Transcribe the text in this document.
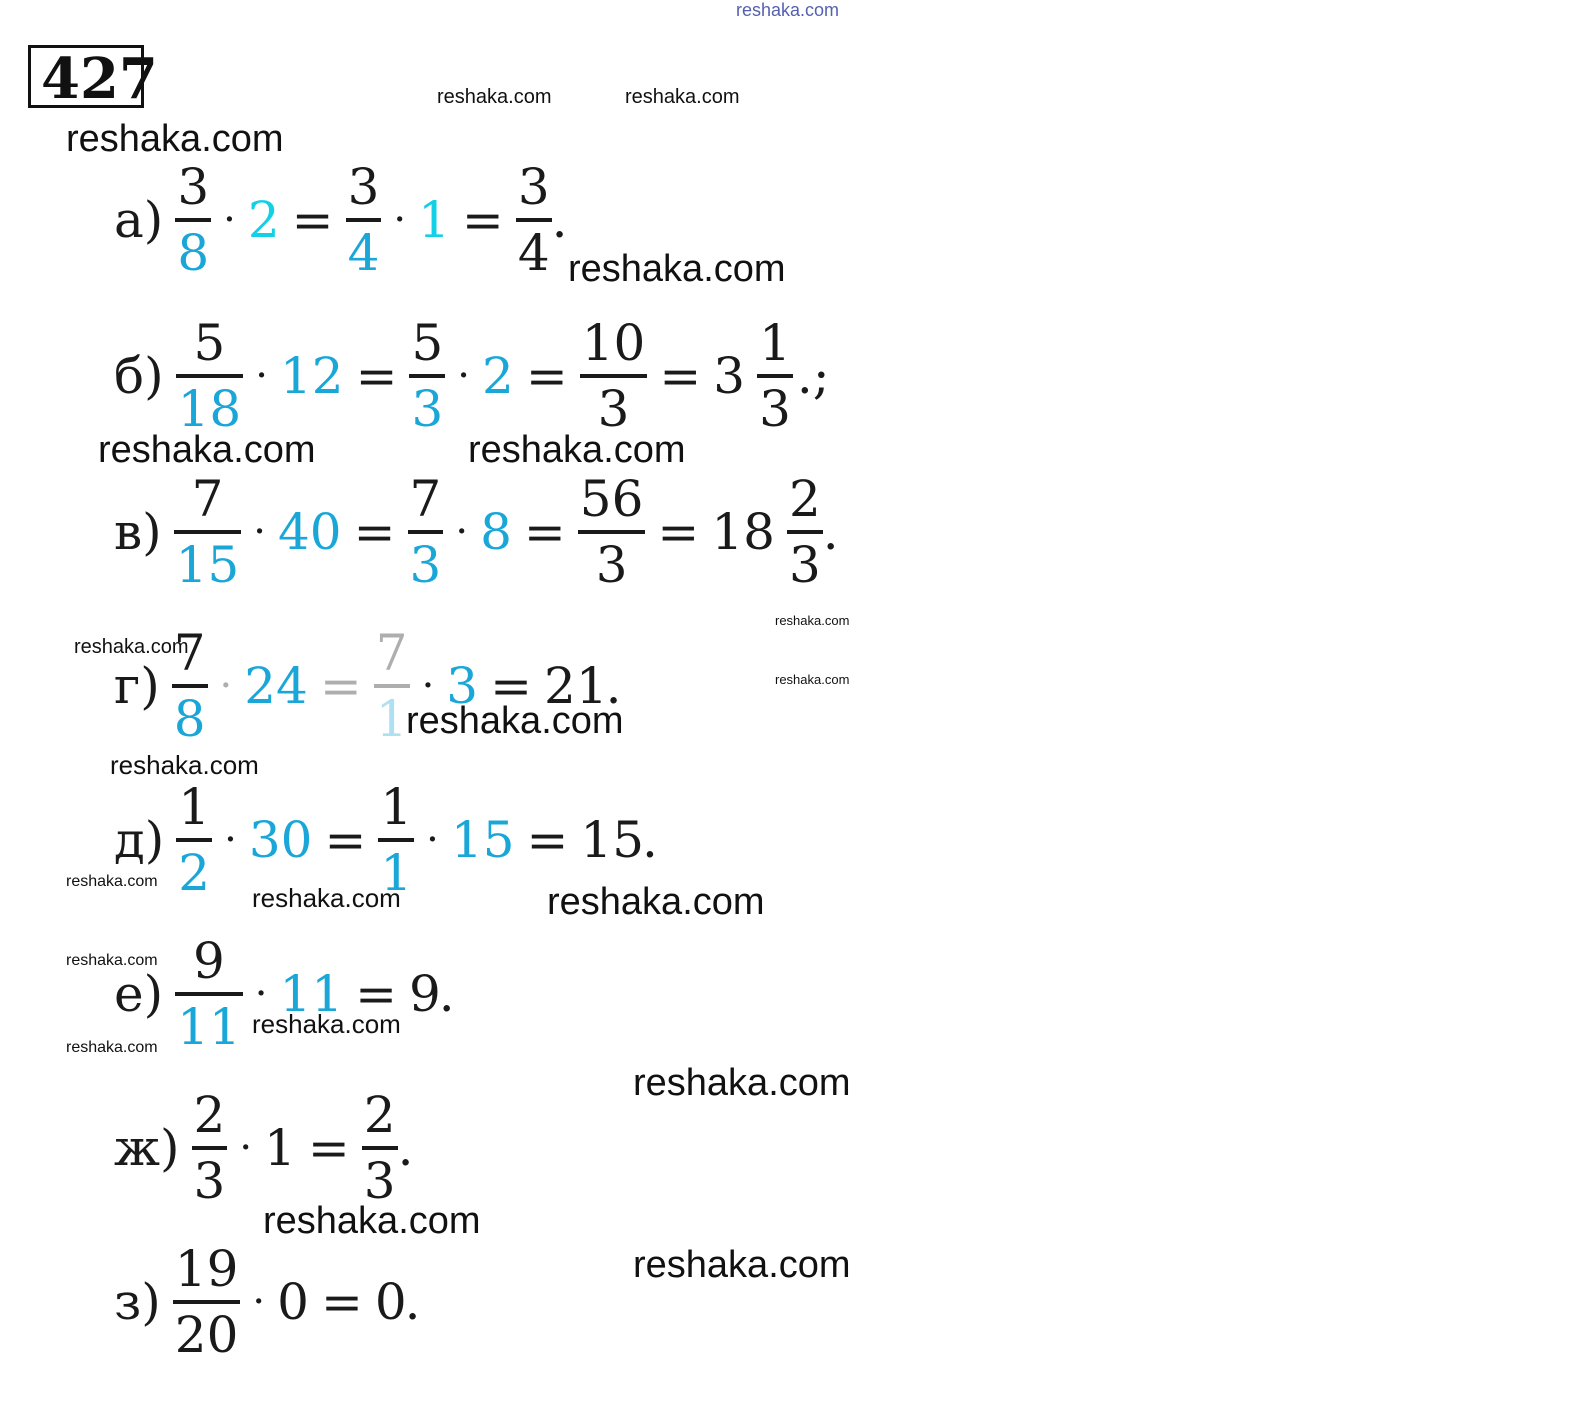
427
reshaka.com
reshaka.com	reshaka.com
reshaka.com
reshaka.com
reshaka.com	reshaka.com
reshaka.com
reshaka.com
reshaka.com
reshaka.com
reshaka.com
reshaka.com
reshaka.com	reshaka.com
reshaka.com
reshaka.com
reshaka.com
reshaka.com
reshaka.com
reshaka.com
$а) \frac{3}{8} \cdot 2 = \frac{3}{4} \cdot 1 = \frac{3}{4}$ .
$б) \frac{5}{18} \cdot 12 = \frac{5}{3} \cdot 2 = \frac{10}{3} = 3 \frac{1}{3}$ .;
$в) \frac{7}{15} \cdot 40 = \frac{7}{3} \cdot 8 = \frac{56}{3} = 18 \frac{2}{3}$ .
$г) \frac{7}{8} \cdot 24 = \frac{7}{1} \cdot 3 = 21$
.
$д) \frac{1}{2} \cdot 30 = \frac{1}{1} \cdot 15 = 15$
.
$е) \frac{9}{11} \cdot 11 = 9$
.
$ж) \frac{2}{3} \cdot 1 = \frac{2}{3}$ .
$з) \frac{19}{20} \cdot 0 = 0$
.
